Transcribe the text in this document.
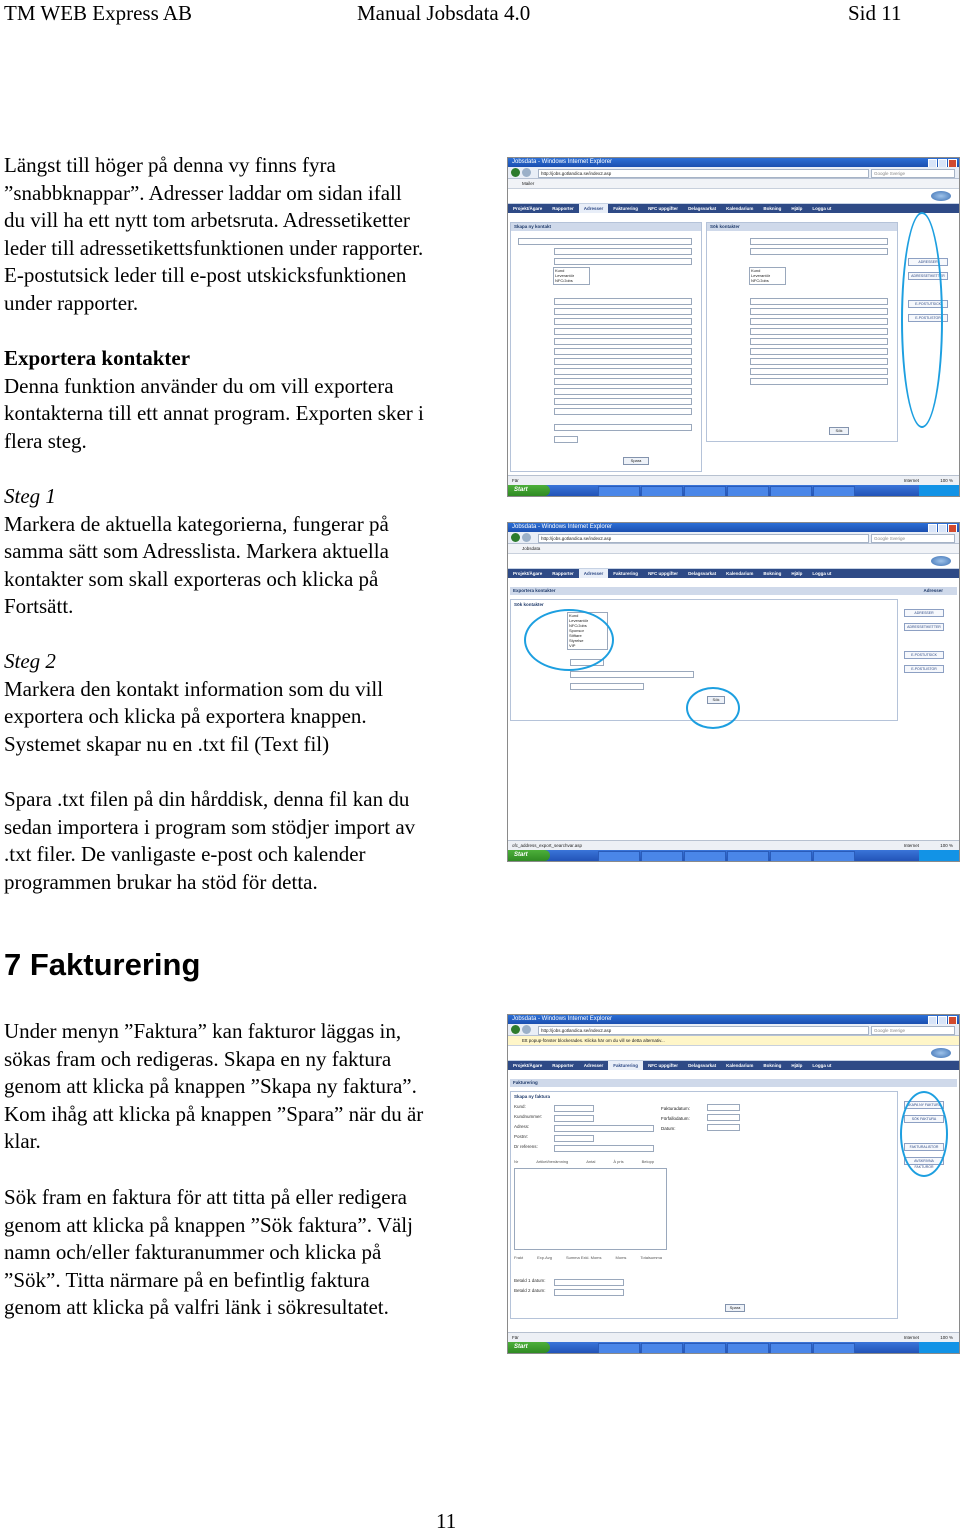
TM WEB Express AB	Manual Jobsdata 4.0	Sid 11
Längst till höger på denna vy finns fyra
”snabbknappar”. Adresser laddar om sidan ifall
du vill ha ett nytt tom arbetsruta. Adressetiketter
leder till adressetikettsfunktionen under rapporter.
E-postutsick leder till e-post utskicksfunktionen
under rapporter.
Exportera kontakter
Denna funktion använder du om vill exportera
kontakterna till ett annat program. Exporten sker i
flera steg.
Steg 1
Markera de aktuella kategorierna, fungerar på
samma sätt som Adresslista. Markera aktuella
kontakter som skall exporteras och klicka på
Fortsätt.
Steg 2
Markera den kontakt information som du vill
exportera och klicka på exportera knappen.
Systemet skapar nu en .txt fil (Text fil)
Spara .txt filen på din hårddisk, denna fil kan du
sedan importera i program som stödjer import av
.txt filer. De vanligaste e-post och kalender
programmen brukar ha stöd för detta.
7 Fakturering
Under menyn ”Faktura” kan fakturor läggas in,
sökas fram och redigeras. Skapa en ny faktura
genom att klicka på knappen ”Skapa ny faktura”.
Kom ihåg att klicka på knappen ”Spara” när du är
klar.
Sök fram en faktura för att titta på eller redigera
genom att klicka på knappen ”Sök faktura”. Välj
namn och/eller fakturanummer och klicka på
”Sök”. Titta närmare på en befintlig faktura
genom att klicka på valfri länk i sökresultatet.
11
Jobsdata - Windows Internet Explorer
http://jobs.gotlandica.se/index2.asp	Google Sverige
Mailer
Projekt/Ägare	Rapporter	Adresser	Fakturering	NFC uppgifter	Delagsvarkat	Kalendarium	Bokning	Hjälp	Logga ut
Skapa ny kontakt
Kund
Leverantör
NFC/Jobs
Spara
Sök kontakter
Kund
Leverantör
NFC/Jobs
Sök
ADRESSER
ADRESSETIKETTER
E-POSTUTSICK
E-POSTLISTOR
Fär	Internet	100 %
Start
Jobsdata - Windows Internet Explorer
http://jobs.gotlandica.se/index2.asp	Google Sverige
Jobsdata
Projekt/Ägare	Rapporter	Adresser	Fakturering	NFC uppgifter	Delagsvarkat	Kalendarium	Bokning	Hjälp	Logga ut
Exportera kontakter	Adresser
Sök kontakter
Kund
Leverantör
NFC/Jobs
Sponsor
Stiftare
Styrelse
VIP
Sök
ADRESSER
ADRESSETIKETTER
E-POSTUTSICK
E-POSTLISTOR
ofc_address_export_searchvar.asp	Internet	100 %
Start
Jobsdata - Windows Internet Explorer
http://jobs.gotlandica.se/index2.asp	Google Sverige
Ett popup-fönster blockerades. Klicka här om du vill se detta alternativ...
Projekt/Ägare	Rapporter	Adresser	Fakturering	NFC uppgifter	Delagsvarkat	Kalendarium	Bokning	Hjälp	Logga ut
Fakturering
Skapa ny faktura
Kund:
Kundnummer:
Adress:
Postnr:
Dr referens:
Fakturadatum:
Förfallodatum:
Datum:
Nr	Artikel/benämning	Antal	À pris	Belopp
Frakt	Exp.Avg	Summa Exkl. Moms	Moms	Totalsumma
Betald 1 datum:
Betald 2 datum:
Spara
SKAPA NY FAKTURA
SÖK FAKTURA
FAKTURALISTOR
AVSKRIVNA FAKTUROR
Fär	Internet	100 %
Start
